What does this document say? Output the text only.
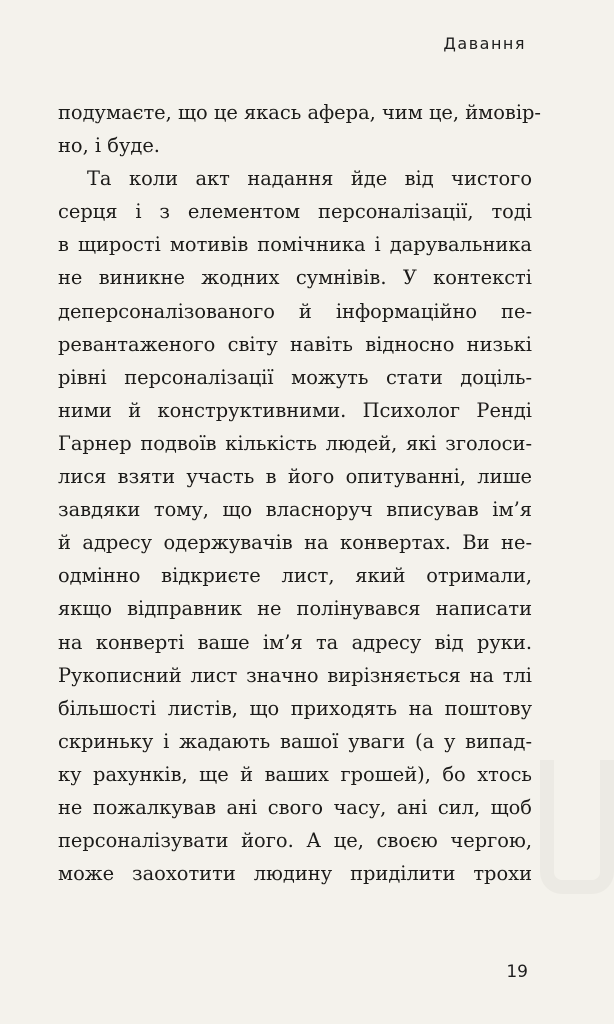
Давання
подумаєте, що це якась афера, чим це, ймовір-
но, і буде.
Та коли акт надання йде від чистого
серця і з елементом персоналізації, тоді
в щирості мотивів помічника і дарувальника
не виникне жодних сумнівів. У контексті
деперсоналізованого й інформаційно пе-
ревантаженого світу навіть відносно низькі
рівні персоналізації можуть стати доціль-
ними й конструктивними. Психолог Ренді
Гарнер подвоїв кількість людей, які зголоси-
лися взяти участь в його опитуванні, лише
завдяки тому, що власноруч вписував ім’я
й адресу одержувачів на конвертах. Ви не-
одмінно відкриєте лист, який отримали,
якщо відправник не полінувався написати
на конверті ваше ім’я та адресу від руки.
Рукописний лист значно вирізняється на тлі
більшості листів, що приходять на поштову
скриньку і жадають вашої уваги (а у випад-
ку рахунків, ще й ваших грошей), бо хтось
не пожалкував ані свого часу, ані сил, щоб
персоналізувати його. А це, своєю чергою,
може заохотити людину приділити трохи
19
